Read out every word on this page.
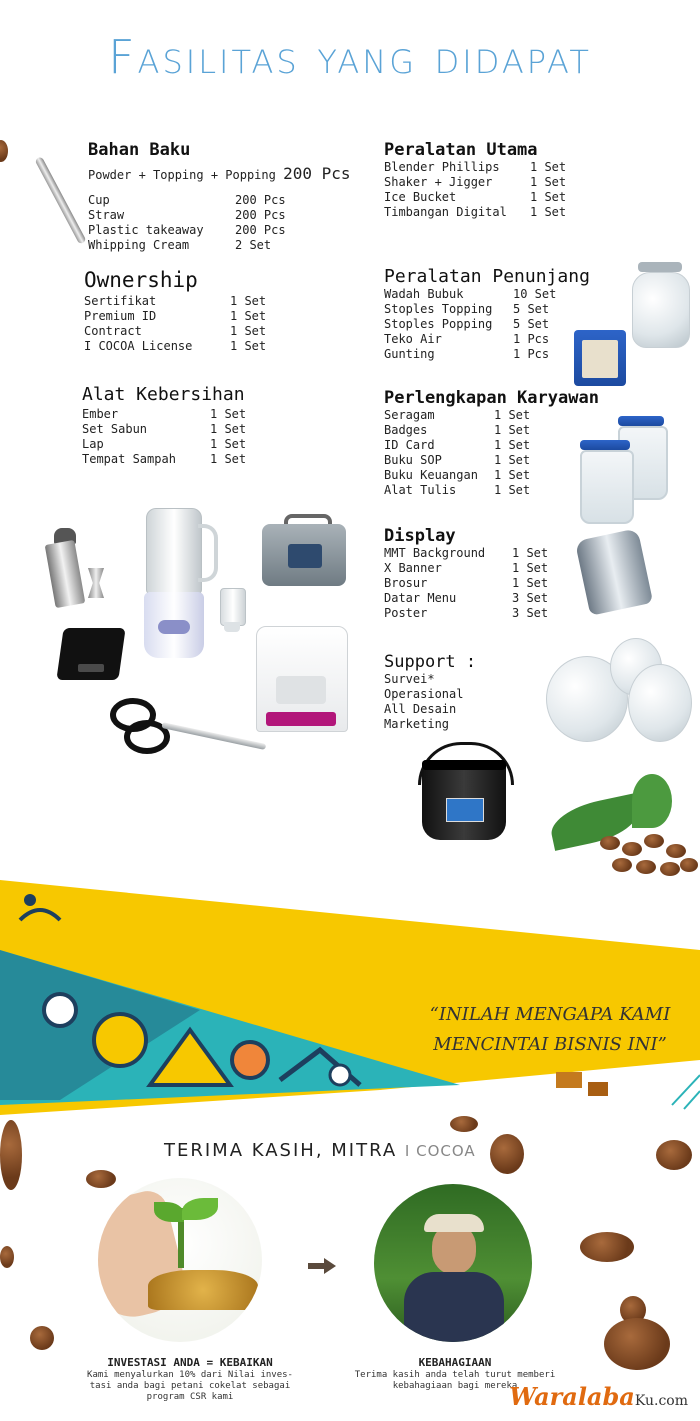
Fasilitas yang didapat
Bahan Baku
Powder + Topping + Popping 200 Pcs
Cup	200 Pcs
Straw	200 Pcs
Plastic takeaway	200 Pcs
Whipping Cream	2 Set
Ownership
Sertifikat	1 Set
Premium ID	1 Set
Contract	1 Set
I COCOA License	1 Set
Alat Kebersihan
Ember	1 Set
Set Sabun	1 Set
Lap	1 Set
Tempat Sampah	1 Set
Peralatan Utama
Blender Phillips	1 Set
Shaker + Jigger	1 Set
Ice Bucket	1 Set
Timbangan Digital	1 Set
Peralatan Penunjang
Wadah Bubuk	10 Set
Stoples Topping	5 Set
Stoples Popping	5 Set
Teko Air	1 Pcs
Gunting	1 Pcs
Perlengkapan Karyawan
Seragam	1 Set
Badges	1 Set
ID Card	1 Set
Buku SOP	1 Set
Buku Keuangan	1 Set
Alat Tulis	1 Set
Display
MMT Background	1 Set
X Banner	1 Set
Brosur	1 Set
Datar Menu	3 Set
Poster	3 Set
Support :
Survei*
Operasional
All Desain
Marketing
“INILAH MENGAPA KAMI
MENCINTAI BISNIS INI”
TERIMA KASIH, MITRA I COCOA
INVESTASI ANDA = KEBAIKAN
Kami menyalurkan 10% dari Nilai inves-
tasi anda bagi petani cokelat sebagai
program CSR kami
KEBAHAGIAAN
Terima kasih anda telah turut memberi
kebahagiaan bagi mereka
WaralabaKu.com
